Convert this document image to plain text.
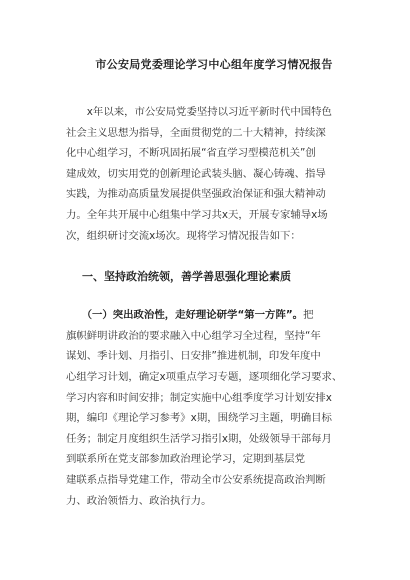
市公安局党委理论学习中心组年度学习情况报告
　　x年以来，市公安局党委坚持以习近平新时代中国特色
社会主义思想为指导，全面贯彻党的二十大精神，持续深
化中心组学习，不断巩固拓展“省直学习型模范机关”创
建成效，切实用党的创新理论武装头脑、凝心铸魂、指导
实践，为推动高质量发展提供坚强政治保证和强大精神动
力。全年共开展中心组集中学习共x天，开展专家辅导x场
次，组织研讨交流x场次。现将学习情况报告如下：
一、坚持政治统领，善学善思强化理论素质
　　（一）突出政治性，走好理论研学“第一方阵”。把
旗帜鲜明讲政治的要求融入中心组学习全过程，坚持“年
谋划、季计划、月指引、日安排”推进机制，印发年度中
心组学习计划，确定x项重点学习专题，逐项细化学习要求、
学习内容和时间安排；制定实施中心组季度学习计划安排x
期，编印《理论学习参考》x期，围绕学习主题，明确目标
任务；制定月度组织生活学习指引x期，处级领导干部每月
到联系所在党支部参加政治理论学习，定期到基层党
建联系点指导党建工作，带动全市公安系统提高政治判断
力、政治领悟力、政治执行力。
